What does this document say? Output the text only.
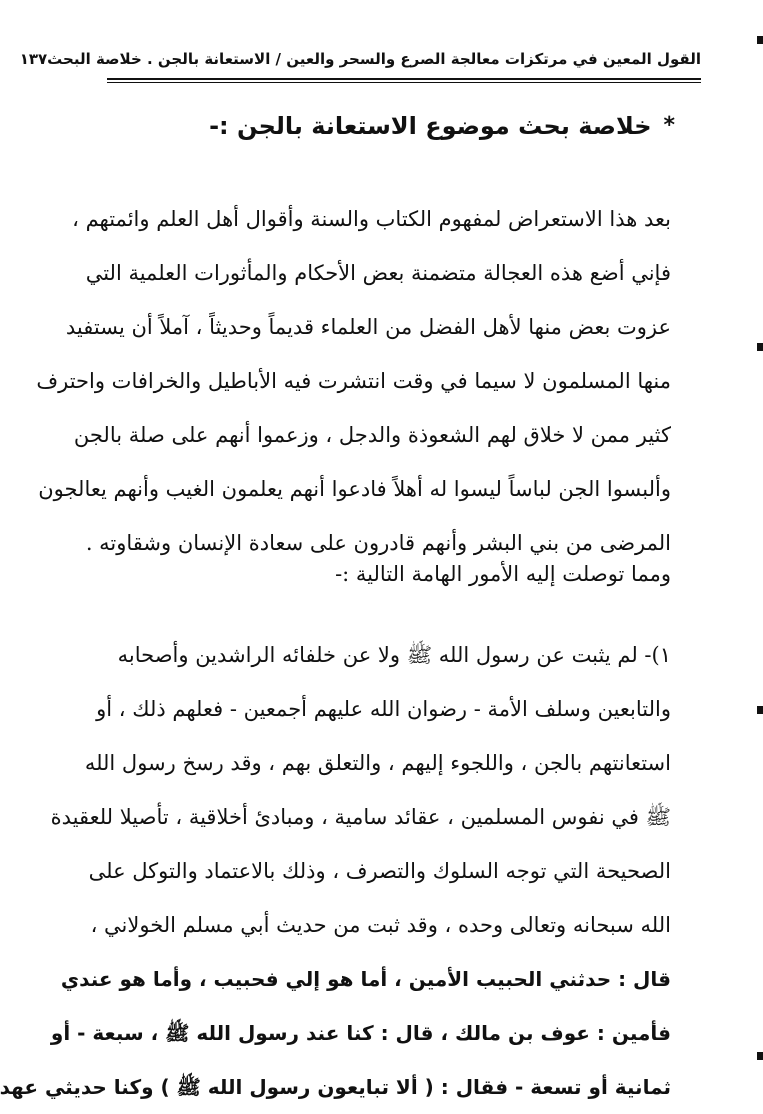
القول المعين في مرتكزات معالجة الصرع والسحر والعين / الاستعانة بالجن . خلاصة البحث
١٣٧
*
خلاصة بحث موضوع الاستعانة بالجن :-
بعد هذا الاستعراض لمفهوم الكتاب والسنة وأقوال أهل العلم وائمتهم ،
فإني أضع هذه العجالة متضمنة بعض الأحكام والمأثورات العلمية التي
عزوت بعض منها لأهل الفضل من العلماء قديماً وحديثاً ، آملاً أن يستفيد
منها المسلمون لا سيما في وقت انتشرت فيه الأباطيل والخرافات واحترف
كثير ممن لا خلاق لهم الشعوذة والدجل ، وزعموا أنهم على صلة بالجن
وألبسوا الجن لباساً ليسوا له أهلاً فادعوا أنهم يعلمون الغيب وأنهم يعالجون
المرضى من بني البشر وأنهم قادرون على سعادة الإنسان وشقاوته .
ومما توصلت إليه الأمور الهامة التالية :-
١)- لم يثبت عن رسول الله ﷺ ولا عن خلفائه الراشدين وأصحابه
والتابعين وسلف الأمة - رضوان الله عليهم أجمعين - فعلهم ذلك ، أو
استعانتهم بالجن ، واللجوء إليهم ، والتعلق بهم ، وقد رسخ رسول الله
ﷺ في نفوس المسلمين ، عقائد سامية ، ومبادئ أخلاقية ، تأصيلا للعقيدة
الصحيحة التي توجه السلوك والتصرف ، وذلك بالاعتماد والتوكل على
الله سبحانه وتعالى وحده ، وقد ثبت من حديث أبي مسلم الخولاني ،
قال : حدثني الحبيب الأمين ، أما هو إلي فحبيب ، وأما هو عندي
فأمين : عوف بن مالك ، قال : كنا عند رسول الله ﷺ ، سبعة - أو
ثمانية أو تسعة - فقال : ( ألا تبايعون رسول الله ﷺ ) وكنا حديثي عهد
